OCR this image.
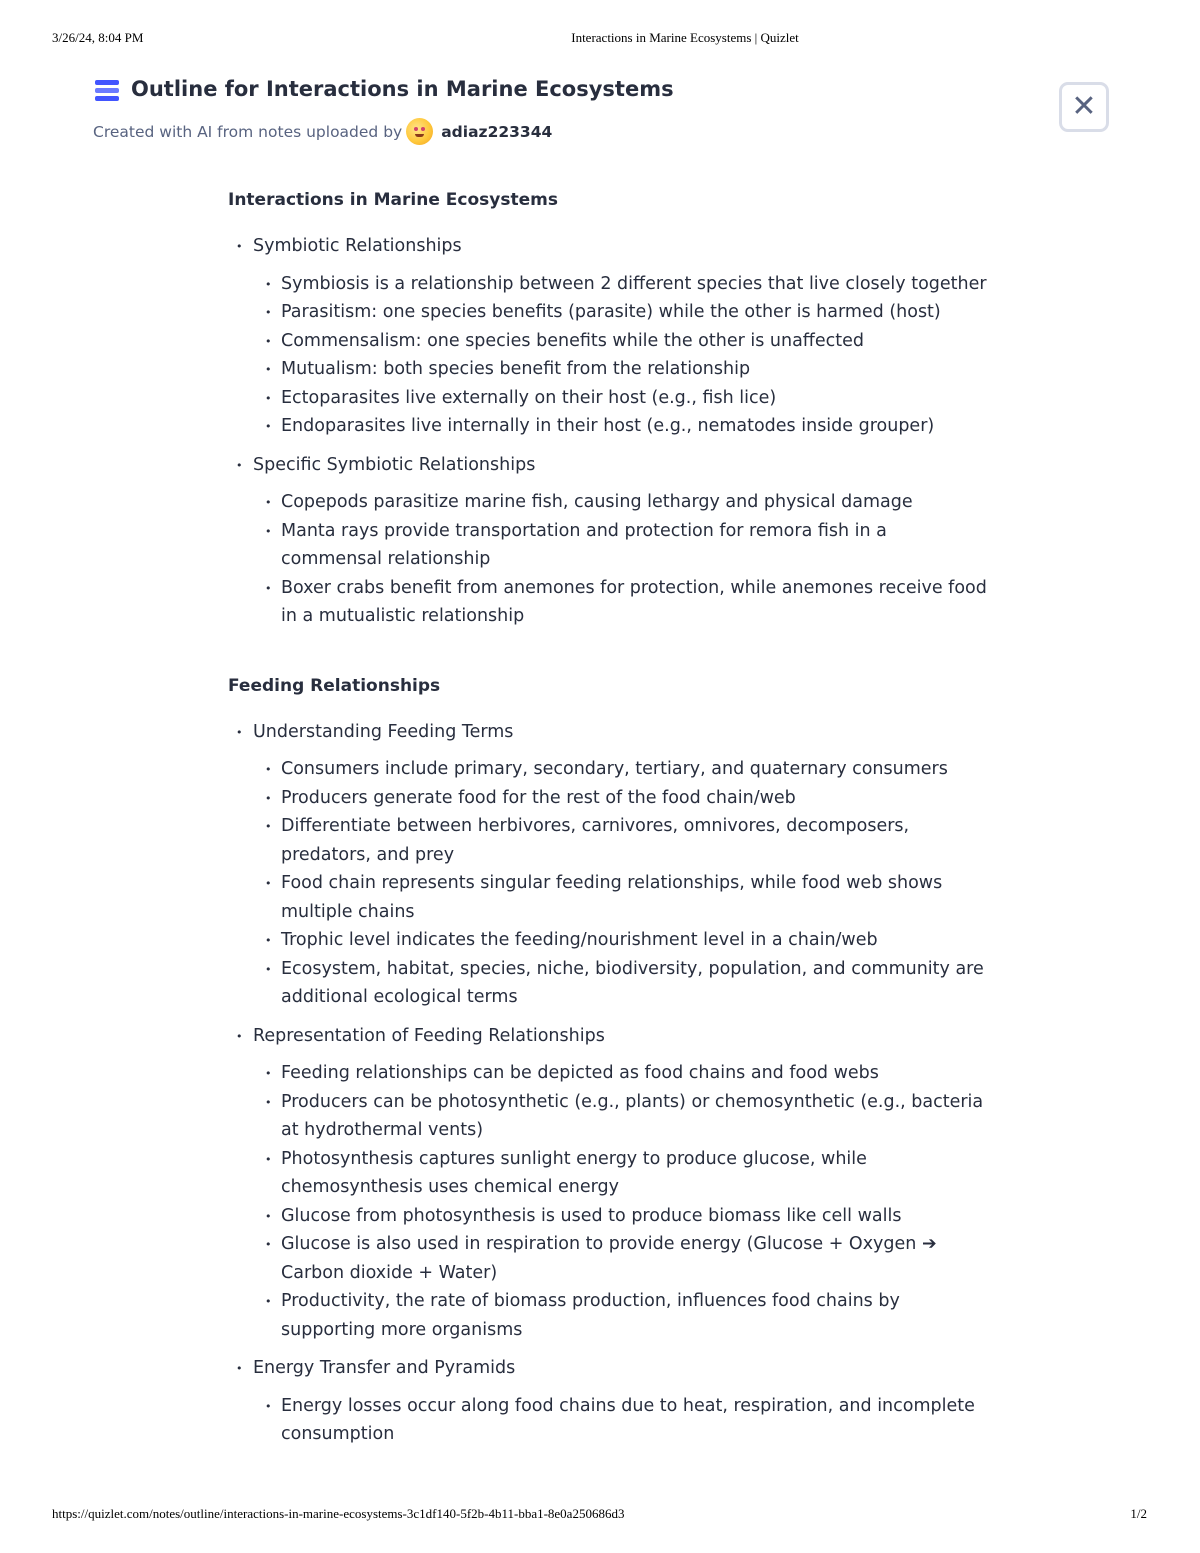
3/26/24, 8:04 PM	Interactions in Marine Ecosystems | Quizlet
Outline for Interactions in Marine Ecosystems
Created with AI from notes uploaded by	adiaz223344
✕
Interactions in Marine Ecosystems
• Symbiotic Relationships
• Symbiosis is a relationship between 2 different species that live closely together
• Parasitism: one species benefits (parasite) while the other is harmed (host)
• Commensalism: one species benefits while the other is unaffected
• Mutualism: both species benefit from the relationship
• Ectoparasites live externally on their host (e.g., fish lice)
• Endoparasites live internally in their host (e.g., nematodes inside grouper)
• Specific Symbiotic Relationships
• Copepods parasitize marine fish, causing lethargy and physical damage
• Manta rays provide transportation and protection for remora fish in a commensal relationship
• Boxer crabs benefit from anemones for protection, while anemones receive food in a mutualistic relationship
Feeding Relationships
• Understanding Feeding Terms
• Consumers include primary, secondary, tertiary, and quaternary consumers
• Producers generate food for the rest of the food chain/web
• Differentiate between herbivores, carnivores, omnivores, decomposers, predators, and prey
• Food chain represents singular feeding relationships, while food web shows multiple chains
• Trophic level indicates the feeding/nourishment level in a chain/web
• Ecosystem, habitat, species, niche, biodiversity, population, and community are additional ecological terms
• Representation of Feeding Relationships
• Feeding relationships can be depicted as food chains and food webs
• Producers can be photosynthetic (e.g., plants) or chemosynthetic (e.g., bacteria at hydrothermal vents)
• Photosynthesis captures sunlight energy to produce glucose, while chemosynthesis uses chemical energy
• Glucose from photosynthesis is used to produce biomass like cell walls
• Glucose is also used in respiration to provide energy (Glucose + Oxygen ➔ Carbon dioxide + Water)
• Productivity, the rate of biomass production, influences food chains by supporting more organisms
• Energy Transfer and Pyramids
• Energy losses occur along food chains due to heat, respiration, and incomplete consumption
https://quizlet.com/notes/outline/interactions-in-marine-ecosystems-3c1df140-5f2b-4b11-bba1-8e0a250686d3	1/2
